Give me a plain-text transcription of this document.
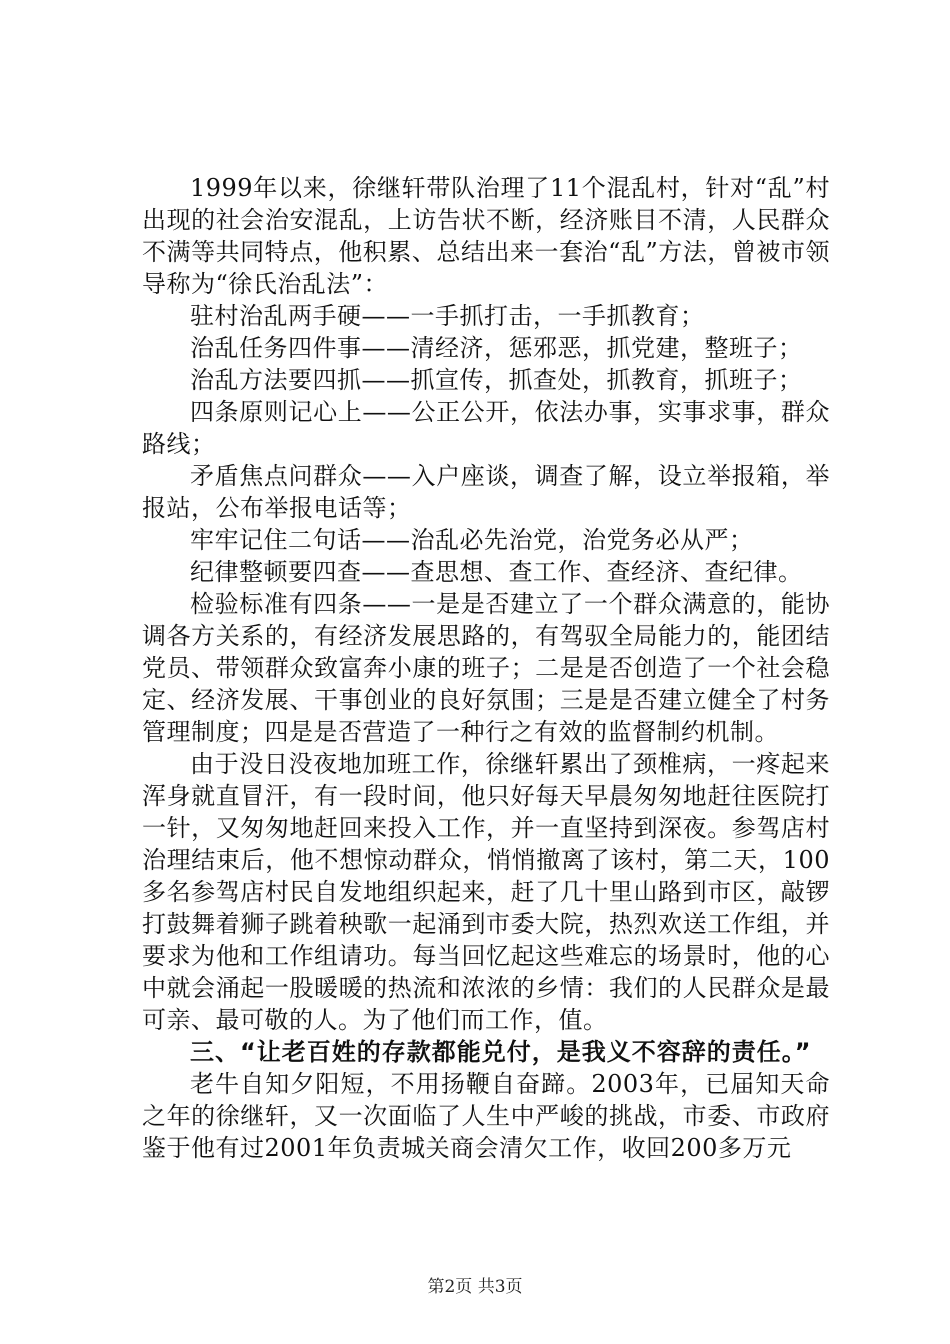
1999年以来，徐继轩带队治理了11个混乱村，针对“乱”村出现的社会治安混乱，上访告状不断，经济账目不清，人民群众不满等共同特点，他积累、总结出来一套治“乱”方法，曾被市领导称为“徐氏治乱法”：

驻村治乱两手硬——一手抓打击，一手抓教育；

治乱任务四件事——清经济，惩邪恶，抓党建，整班子；

治乱方法要四抓——抓宣传，抓查处，抓教育，抓班子；

四条原则记心上——公正公开，依法办事，实事求事，群众路线；

矛盾焦点问群众——入户座谈，调查了解，设立举报箱，举报站，公布举报电话等；

牢牢记住二句话——治乱必先治党，治党务必从严；

纪律整顿要四查——查思想、查工作、查经济、查纪律。

检验标准有四条——一是是否建立了一个群众满意的，能协调各方关系的，有经济发展思路的，有驾驭全局能力的，能团结党员、带领群众致富奔小康的班子；二是是否创造了一个社会稳定、经济发展、干事创业的良好氛围；三是是否建立健全了村务管理制度；四是是否营造了一种行之有效的监督制约机制。

由于没日没夜地加班工作，徐继轩累出了颈椎病，一疼起来浑身就直冒汗，有一段时间，他只好每天早晨匆匆地赶往医院打一针，又匆匆地赶回来投入工作，并一直坚持到深夜。参驾店村治理结束后，他不想惊动群众，悄悄撤离了该村，第二天，100多名参驾店村民自发地组织起来，赶了几十里山路到市区，敲锣打鼓舞着狮子跳着秧歌一起涌到市委大院，热烈欢送工作组，并要求为他和工作组请功。每当回忆起这些难忘的场景时，他的心中就会涌起一股暖暖的热流和浓浓的乡情：我们的人民群众是最可亲、最可敬的人。为了他们而工作，值。

三、“让老百姓的存款都能兑付，是我义不容辞的责任。”

老牛自知夕阳短，不用扬鞭自奋蹄。2003年，已届知天命之年的徐继轩，又一次面临了人生中严峻的挑战，市委、市政府鉴于他有过2001年负责城关商会清欠工作，收回200多万元

第2页 共3页
